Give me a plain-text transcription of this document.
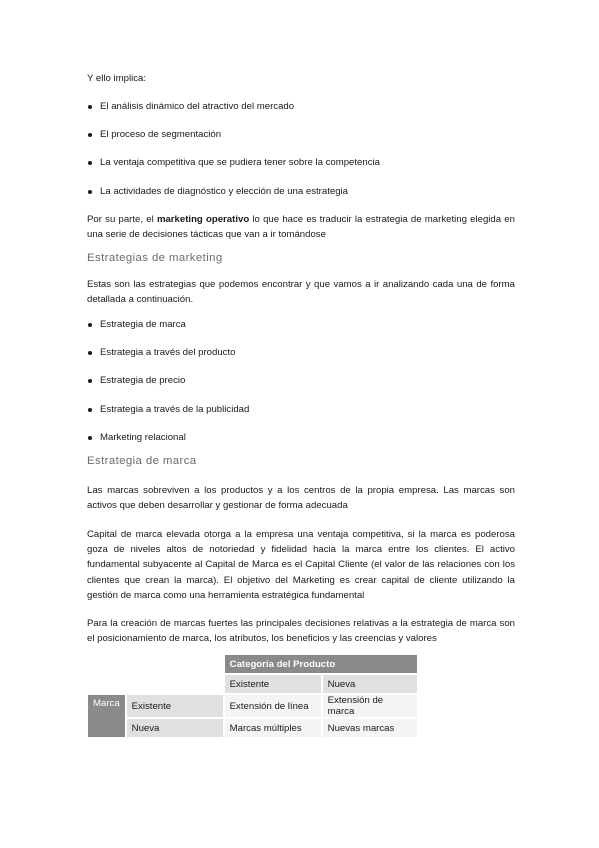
Y ello implica:

El análisis dinámico del atractivo del mercado
El proceso de segmentación
La ventaja competitiva que se pudiera tener sobre la competencia
La actividades de diagnóstico y elección de una estrategia

Por su parte, el marketing operativo lo que hace es traducir la estrategia de marketing elegida en una serie de decisiones tácticas que van a ir tomándose

Estrategias de marketing

Estas son las estrategias que podemos encontrar y que vamos a ir analizando cada una de forma detallada a continuación.

Estrategia de marca
Estrategia a través del producto
Estrategia de precio
Estrategia a través de la publicidad
Marketing relacional
Estrategia de marca

Las marcas sobreviven a los productos y a los centros de la propia empresa. Las marcas son activos que deben desarrollar y gestionar de forma adecuada

Capital de marca elevada otorga a la empresa una ventaja competitiva, si la marca es poderosa goza de niveles altos de notoriedad y fidelidad hacia la marca entre los clientes. El activo fundamental subyacente al Capital de Marca es el Capital Cliente (el valor de las relaciones con los clientes que crean la marca). El objetivo del Marketing es crear capital de cliente utilizando la gestión de marca como una herramienta estratégica fundamental

Para la creación de marcas fuertes las principales decisiones relativas a la estrategia de marca son el posicionamiento de marca, los atributos, los beneficios y las creencias y valores

		Categoría del Producto	
		Existente	Nueva
Marca	Existente	Extensión de línea	Extensión de marca
	Nueva	Marcas múltiples	Nuevas marcas
